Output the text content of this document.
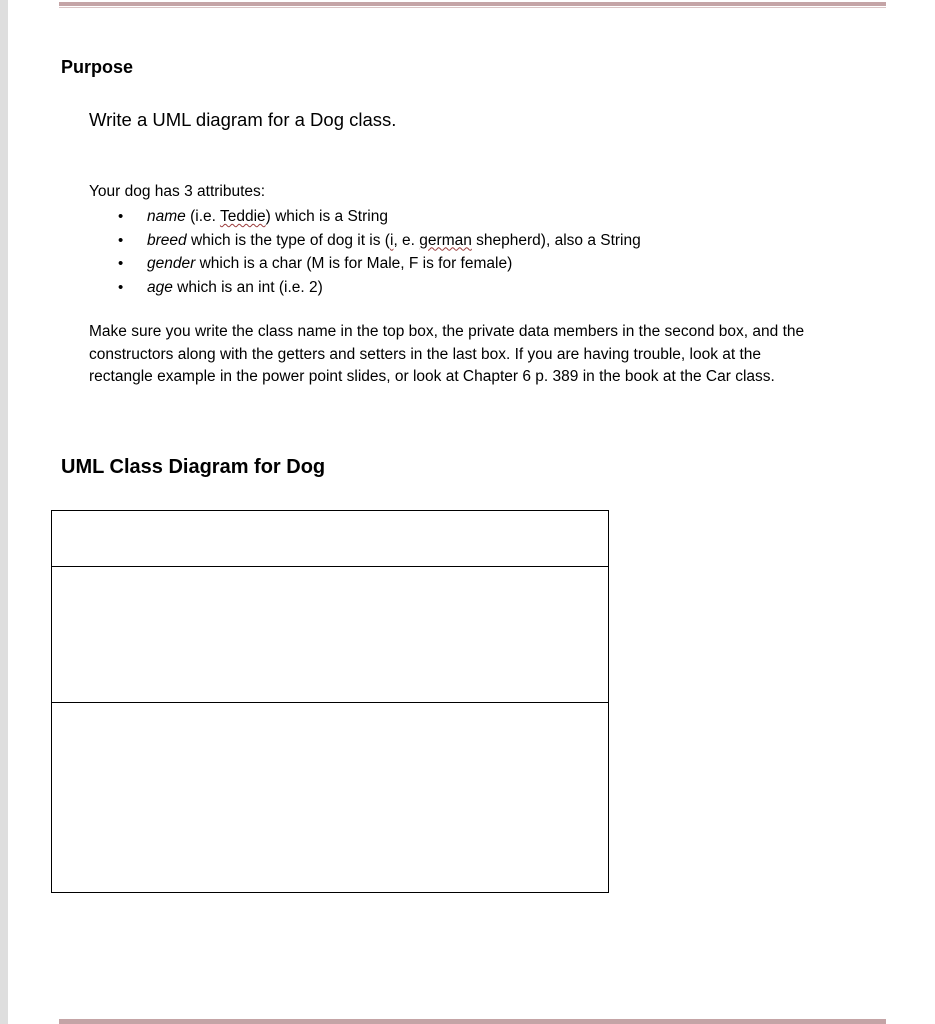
Purpose
Write a UML diagram for a Dog class.
Your dog has 3 attributes:
• name (i.e. Teddie) which is a String
• breed which is the type of dog it is (i, e. german shepherd), also a String
• gender which is a char (M is for Male, F is for female)
• age which is an int (i.e. 2)
Make sure you write the class name in the top box, the private data members in the second box, and the
constructors along with the getters and setters in the last box. If you are having trouble, look at the
rectangle example in the power point slides, or look at Chapter 6 p. 389 in the book at the Car class.
UML Class Diagram for Dog
